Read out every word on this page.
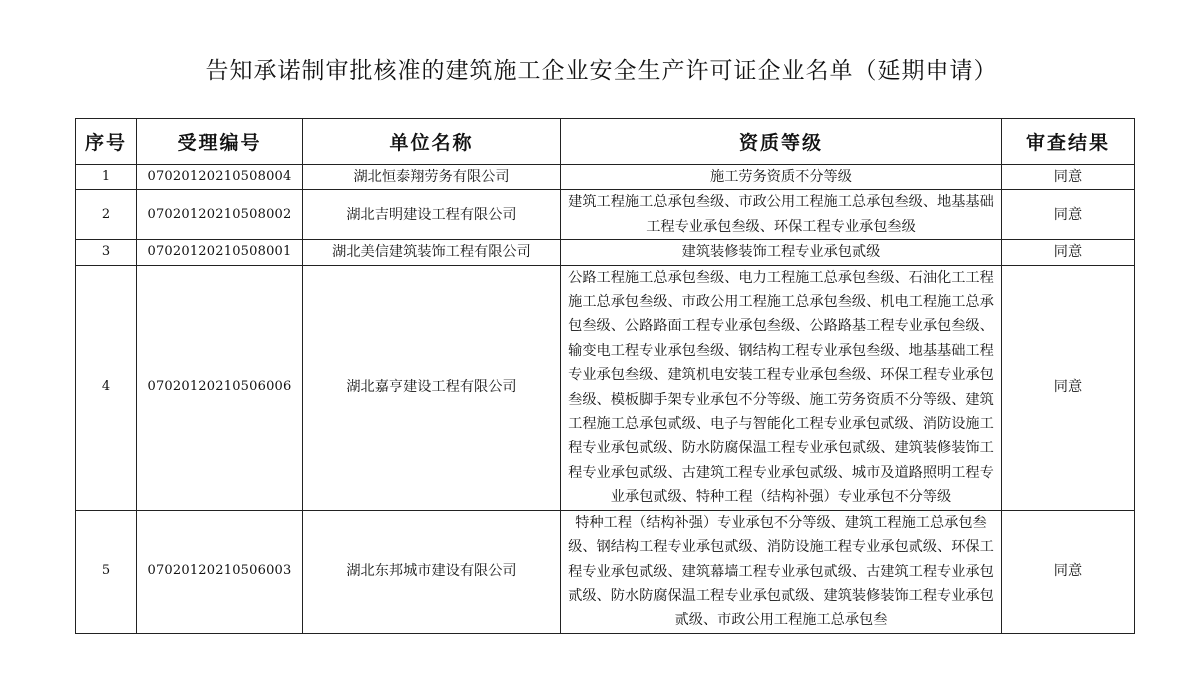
告知承诺制审批核准的建筑施工企业安全生产许可证企业名单（延期申请）
序号	受理编号	单位名称	资质等级	审查结果
1	07020120210508004	湖北恒泰翔劳务有限公司	施工劳务资质不分等级	同意
2	07020120210508002	湖北吉明建设工程有限公司	建筑工程施工总承包叁级、市政公用工程施工总承包叁级、地基基础工程专业承包叁级、环保工程专业承包叁级	同意
3	07020120210508001	湖北美信建筑装饰工程有限公司	建筑装修装饰工程专业承包贰级	同意
4	07020120210506006	湖北嘉亨建设工程有限公司	公路工程施工总承包叁级、电力工程施工总承包叁级、石油化工工程施工总承包叁级、市政公用工程施工总承包叁级、机电工程施工总承包叁级、公路路面工程专业承包叁级、公路路基工程专业承包叁级、输变电工程专业承包叁级、钢结构工程专业承包叁级、地基基础工程专业承包叁级、建筑机电安装工程专业承包叁级、环保工程专业承包叁级、模板脚手架专业承包不分等级、施工劳务资质不分等级、建筑工程施工总承包贰级、电子与智能化工程专业承包贰级、消防设施工程专业承包贰级、防水防腐保温工程专业承包贰级、建筑装修装饰工程专业承包贰级、古建筑工程专业承包贰级、城市及道路照明工程专业承包贰级、特种工程（结构补强）专业承包不分等级	同意
5	07020120210506003	湖北东邦城市建设有限公司	特种工程（结构补强）专业承包不分等级、建筑工程施工总承包叁级、钢结构工程专业承包贰级、消防设施工程专业承包贰级、环保工程专业承包贰级、建筑幕墙工程专业承包贰级、古建筑工程专业承包贰级、防水防腐保温工程专业承包贰级、建筑装修装饰工程专业承包贰级、市政公用工程施工总承包叁	同意
